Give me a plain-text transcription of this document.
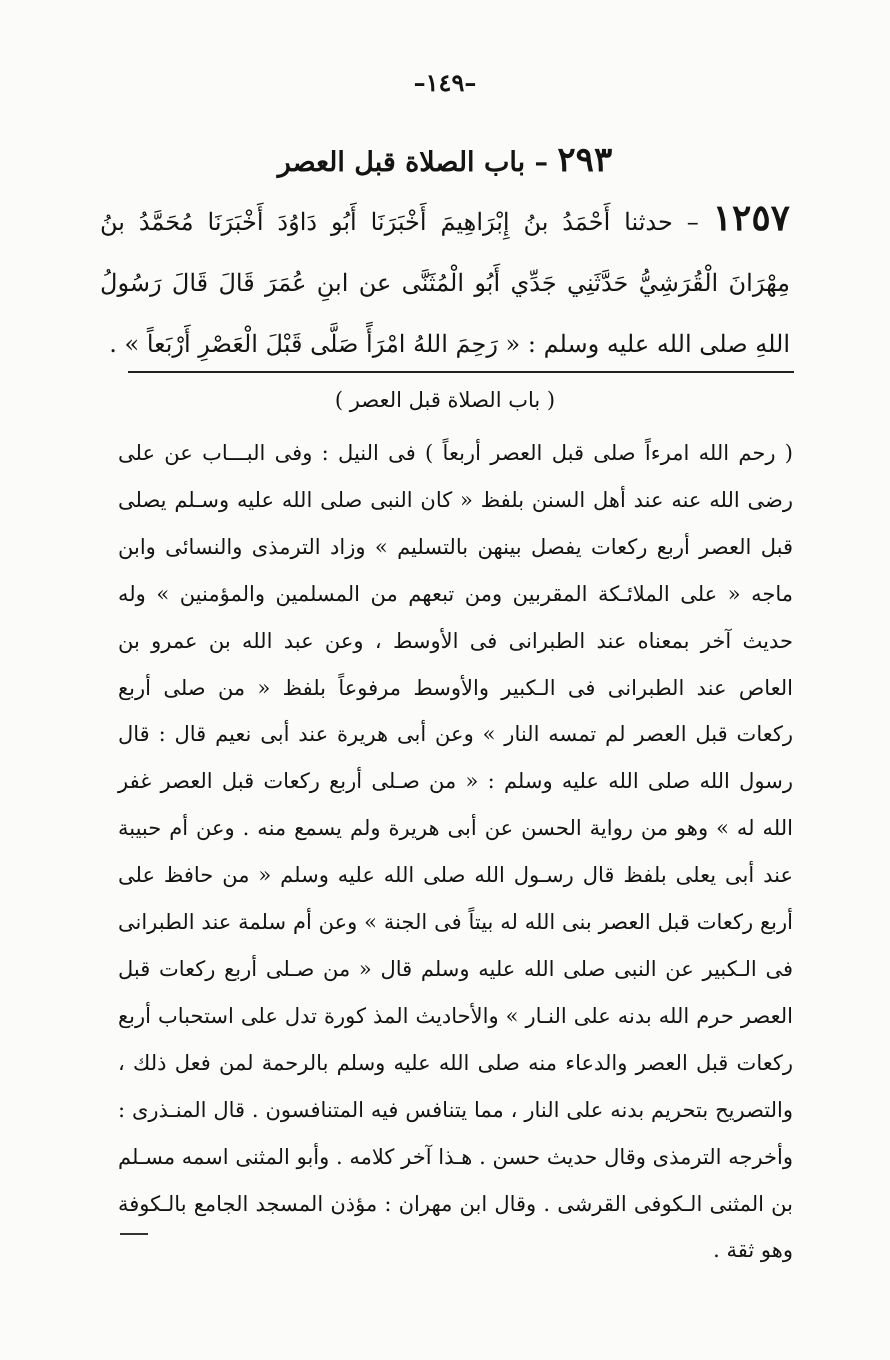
–١٤٩–
٢٩٣ – باب الصلاة قبل العصر
١٢٥٧ – حدثنا أَحْمَدُ بنُ إِبْرَاهِيمَ أَخْبَرَنَا أَبُو دَاوُدَ أَخْبَرَنَا مُحَمَّدُ بنُ مِهْرَانَ الْقُرَشِيُّ حَدَّثَنِي جَدِّي أَبُو الْمُثَنَّى عن ابنِ عُمَرَ قَالَ قَالَ رَسُولُ اللهِ صلى الله عليه وسلم : « رَحِمَ اللهُ امْرَأً صَلَّى قَبْلَ الْعَصْرِ أَرْبَعاً » .
( باب الصلاة قبل العصر )
( رحم الله امرءاً صلى قبل العصر أربعاً ) فى النيل : وفى البـــاب عن على رضى الله عنه عند أهل السنن بلفظ « كان النبى صلى الله عليه وسـلم يصلى قبل العصر أربع ركعات يفصل بينهن بالتسليم » وزاد الترمذى والنسائى وابن ماجه « على الملائـكة المقربين ومن تبعهم من المسلمين والمؤمنين » وله حديث آخر بمعناه عند الطبرانى فى الأوسط ، وعن عبد الله بن عمرو بن العاص عند الطبرانى فى الـكبير والأوسط مرفوعاً بلفظ « من صلى أربع ركعات قبل العصر لم تمسه النار » وعن أبى هريرة عند أبى نعيم قال : قال رسول الله صلى الله عليه وسلم : « من صـلى أربع ركعات قبل العصر غفر الله له » وهو من رواية الحسن عن أبى هريرة ولم يسمع منه . وعن أم حبيبة عند أبى يعلى بلفظ قال رسـول الله صلى الله عليه وسلم « من حافظ على أربع ركعات قبل العصر بنى الله له بيتاً فى الجنة » وعن أم سلمة عند الطبرانى فى الـكبير عن النبى صلى الله عليه وسلم قال « من صـلى أربع ركعات قبل العصر حرم الله بدنه على النـار » والأحاديث المذ كورة تدل على استحباب أربع ركعات قبل العصر والدعاء منه صلى الله عليه وسلم بالرحمة لمن فعل ذلك ، والتصريح بتحريم بدنه على النار ، مما يتنافس فيه المتنافسون . قال المنـذرى : وأخرجه الترمذى وقال حديث حسن . هـذا آخر كلامه . وأبو المثنى اسمه مسـلم بن المثنى الـكوفى القرشى . وقال ابن مهران : مؤذن المسجد الجامع بالـكوفة وهو ثقة .
